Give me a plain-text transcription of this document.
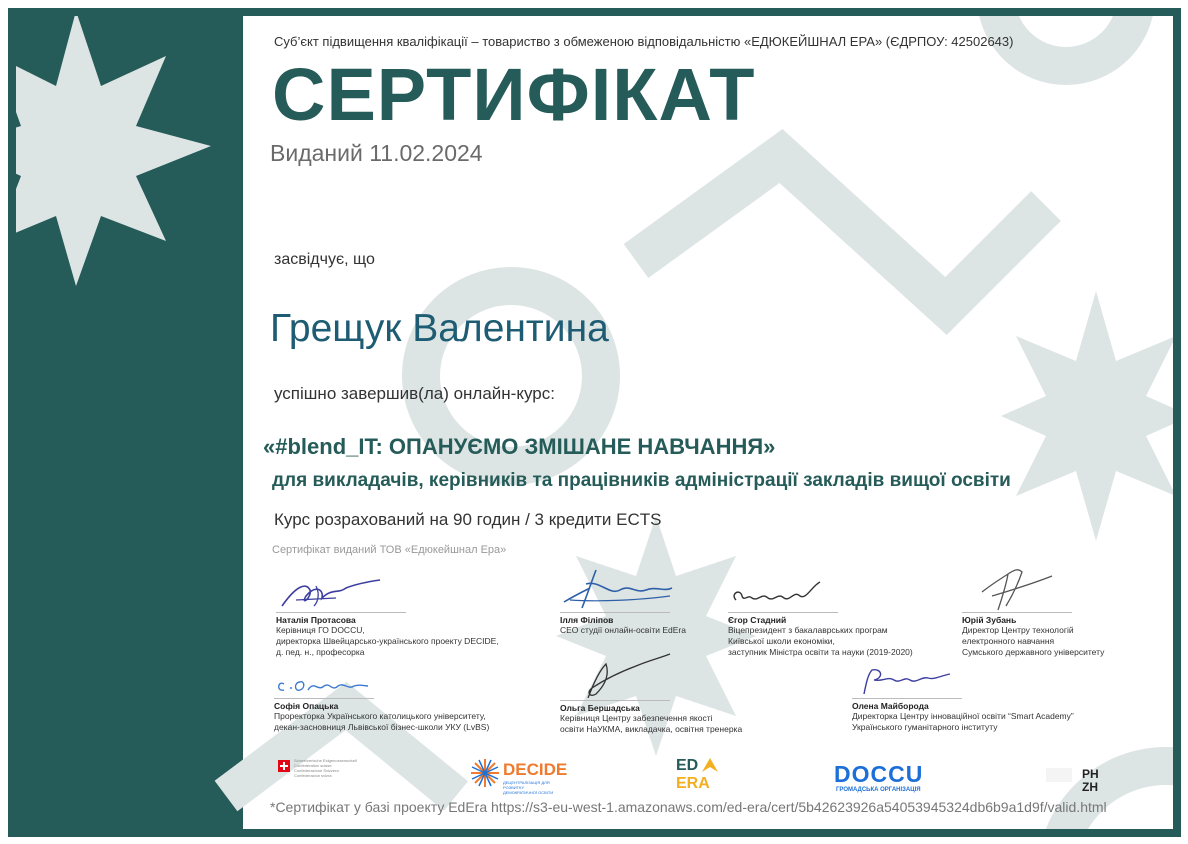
Суб’єкт підвищення кваліфікації – товариство з обмеженою відповідальністю «ЕДЮКЕЙШНАЛ ЕРА» (ЄДРПОУ: 42502643)
СЕРТИФІКАТ
Виданий 11.02.2024
засвідчує, що
Грещук Валентина
успішно завершив(ла) онлайн-курс:
«#blend_IT: ОПАНУЄМО ЗМІШАНЕ НАВЧАННЯ»
для викладачів, керівників та працівників адміністрації закладів вищої освіти
Курс розрахований на 90 годин / 3 кредити ECTS
Сертифікат виданий ТОВ «Едюкейшнал Ера»
Наталія Протасова
Керівниця ГО DOCCU,
директорка Швейцарсько-українського проекту DECIDE,
д. пед. н., професорка
Ілля Філіпов
CEO студії онлайн-освіти EdEra
Єгор Стадний
Віцепрезидент з бакалаврських програм
Київської школи економіки,
заступник Міністра освіти та науки (2019-2020)
Юрій Зубань
Директор Центру технологій
електронного навчання
Сумського державного університету
Софія Опацька
Проректорка Українського католицького університету,
декан-засновниця Львівської бізнес-школи УКУ (LvBS)
Ольга Бершадська
Керівниця Центру забезпечення якості
освіти НаУКМА, викладачка, освітня тренерка
Олена Майборода
Директорка Центру інноваційної освіти “Smart Academy”
Українського гуманітарного інституту
Schweizerische Eidgenossenschaft
Confédération suisse
Confederazione Svizzera
Confederaziun svizra	DECIDE
ДЕЦЕНТРАЛІЗАЦІЯ ДЛЯ РОЗВИТКУ
ДЕМОКРАТИЧНОЇ ОСВІТИ
ED
ERA	DOCCU
ГРОМАДСЬКА ОРГАНІЗАЦІЯ
PH
ZH
*Сертифікат у базі проекту EdEra https://s3-eu-west-1.amazonaws.com/ed-era/cert/5b42623926a54053945324db6b9a1d9f/valid.html
